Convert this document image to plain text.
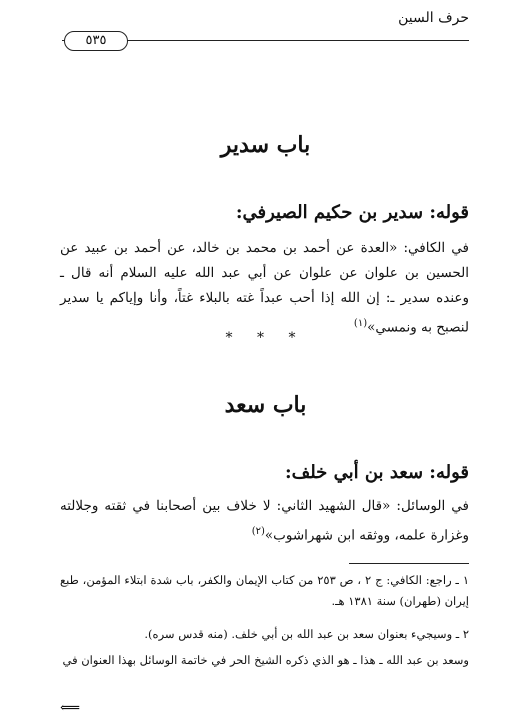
حرف السين
٥٣٥
باب سدير
قوله: سدير بن حكيم الصيرفي:
في الكافي: «العدة عن أحمد بن محمد بن خالد، عن أحمد بن عبيد عن الحسين بن علوان عن علوان عن أبي عبد الله عليه السلام أنه قال ـ وعنده سدير ـ: إن الله إذا أحب عبداً غته بالبلاء غتاً، وأنا وإياكم يا سدير لنصبح به ونمسي»$^{(١)}$
* * *
باب سعد
قوله: سعد بن أبي خلف:
في الوسائل: «قال الشهيد الثاني: لا خلاف بين أصحابنا في ثقته وجلالته وغزارة علمه، ووثقه ابن شهراشوب»$^{(٢)}$
١ ـ راجع: الكافي: ج ٢ ، ص ٢٥٣ من كتاب الإيمان والكفر، باب شدة ابتلاء المؤمن، طبع إيران (طهران) سنة ١٣٨١ هـ.
٢ ـ وسيجيء بعنوان سعد بن عبد الله بن أبي خلف. (منه قدس سره).
وسعد بن عبد الله ـ هذا ـ هو الذي ذكره الشيخ الحر في خاتمة الوسائل بهذا العنوان في
⟸
